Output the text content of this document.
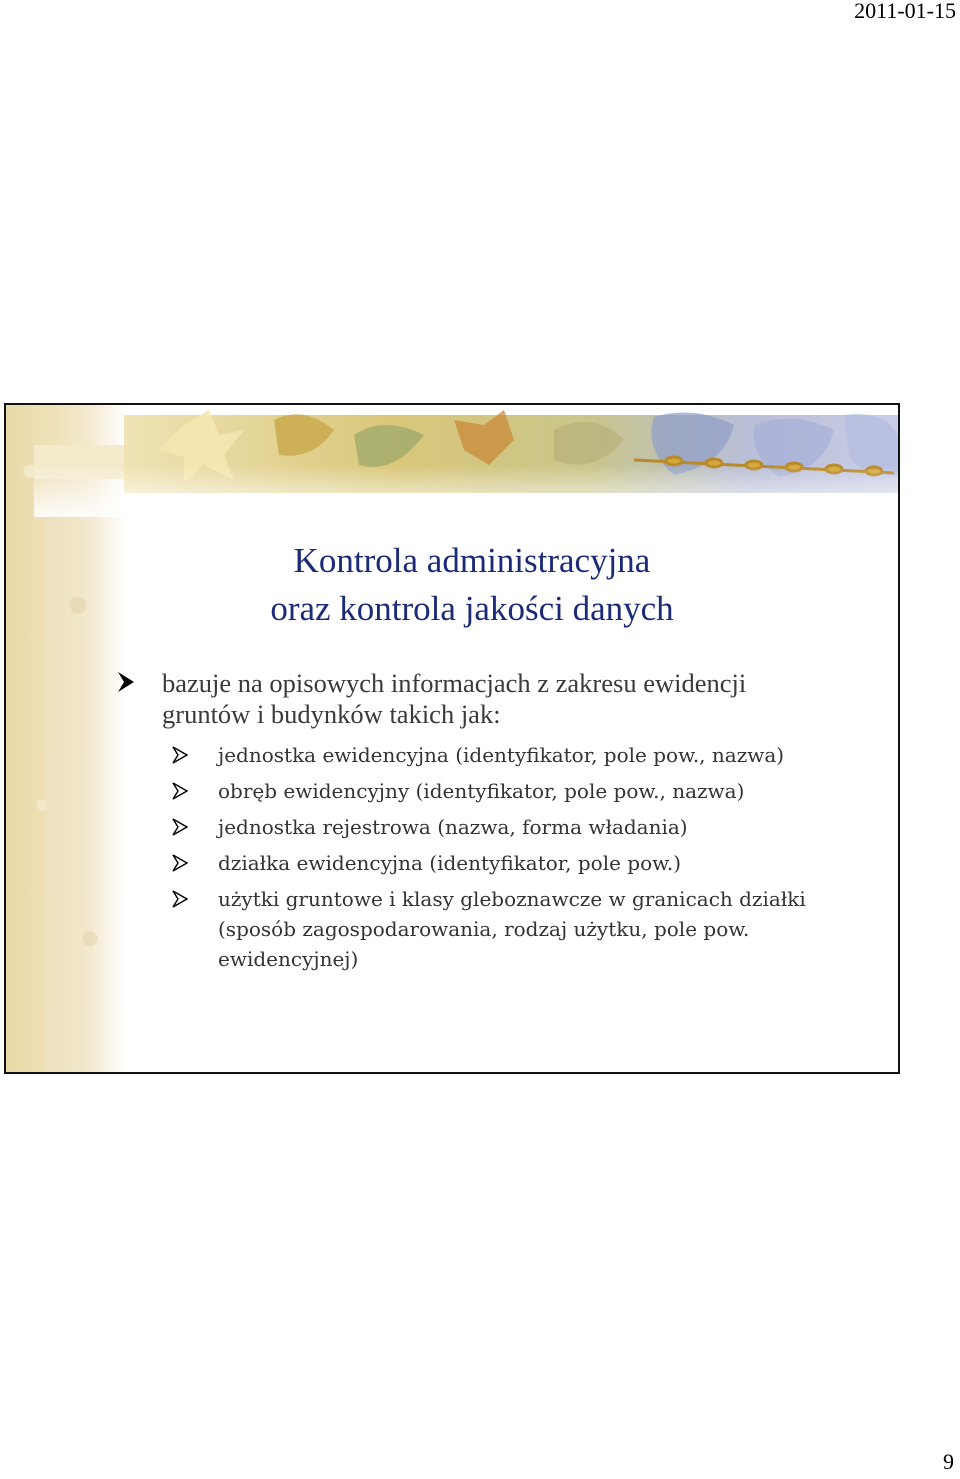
2011-01-15
Kontrola administracyjna
oraz kontrola jakości danych
bazuje na opisowych informacjach z zakresu ewidencji gruntów i budynków takich jak:
jednostka ewidencyjna (identyfikator, pole pow., nazwa)
obręb ewidencyjny (identyfikator, pole pow., nazwa)
jednostka rejestrowa (nazwa, forma władania)
działka ewidencyjna (identyfikator, pole pow.)
użytki gruntowe i klasy gleboznawcze w granicach działki (sposób zagospodarowania, rodzaj użytku, pole pow. ewidencyjnej)
9
